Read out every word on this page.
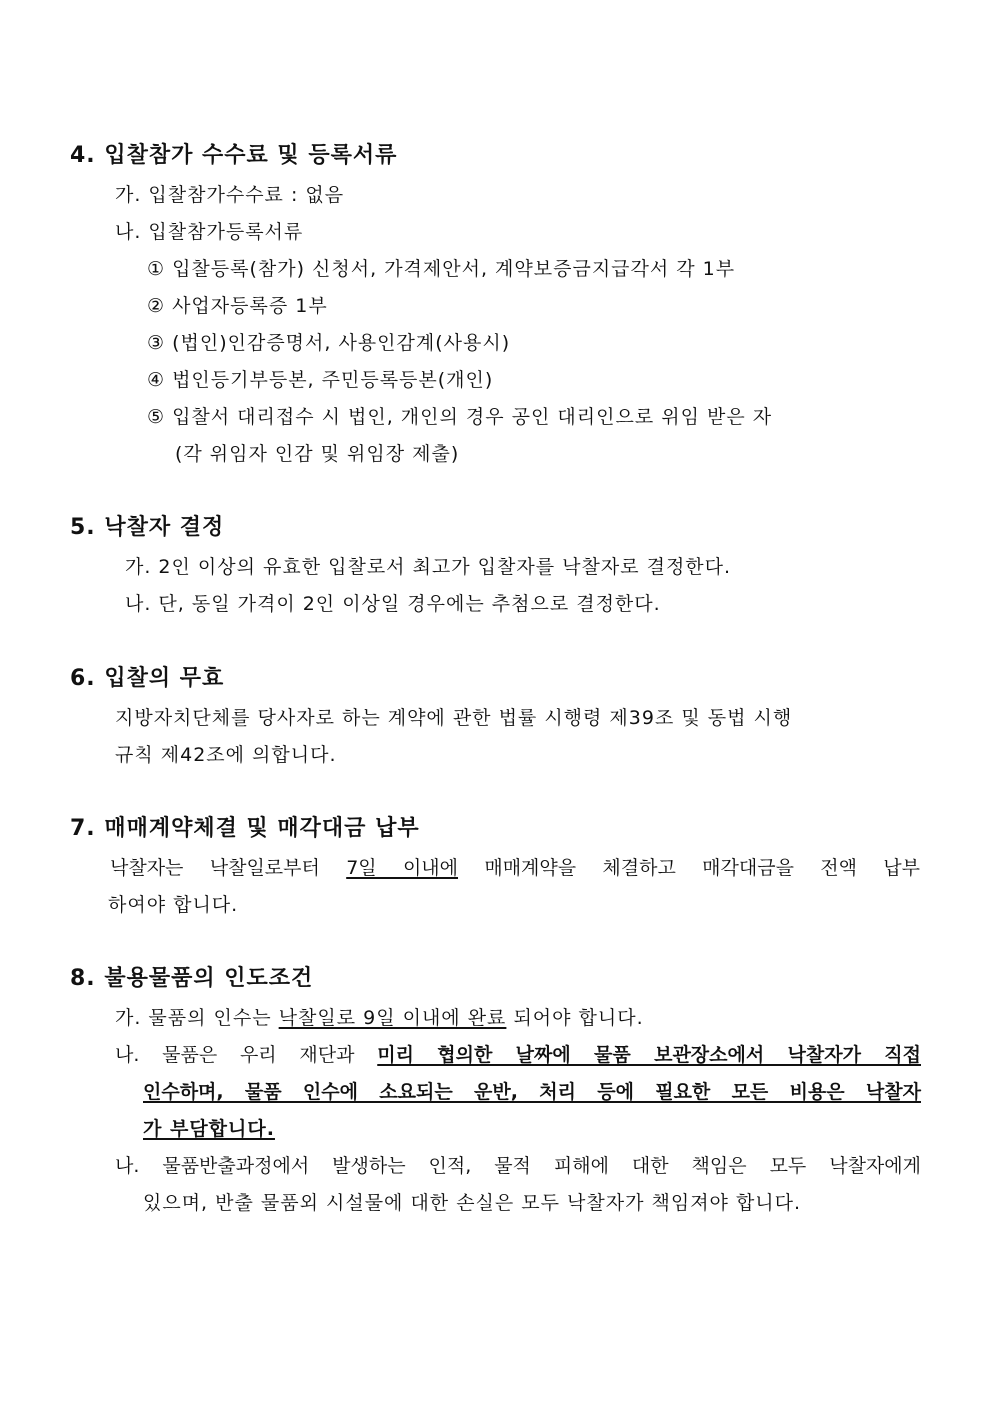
4. 입찰참가 수수료 및 등록서류
가. 입찰참가수수료 : 없음
나. 입찰참가등록서류
① 입찰등록(참가) 신청서, 가격제안서, 계약보증금지급각서 각 1부
② 사업자등록증 1부
③ (법인)인감증명서, 사용인감계(사용시)
④ 법인등기부등본, 주민등록등본(개인)
⑤ 입찰서 대리접수 시 법인, 개인의 경우 공인 대리인으로 위임 받은 자
(각 위임자 인감 및 위임장 제출)
5. 낙찰자 결정
가. 2인 이상의 유효한 입찰로서 최고가 입찰자를 낙찰자로 결정한다.
나. 단, 동일 가격이 2인 이상일 경우에는 추첨으로 결정한다.
6. 입찰의 무효
지방자치단체를 당사자로 하는 계약에 관한 법률 시행령 제39조 및 동법 시행
규칙 제42조에 의합니다.
7. 매매계약체결 및 매각대금 납부
낙찰자는 낙찰일로부터 7일 이내에 매매계약을 체결하고 매각대금을 전액 납부
하여야 합니다.
8. 불용물품의 인도조건
가. 물품의 인수는 낙찰일로 9일 이내에 완료 되어야 합니다.
나. 물품은 우리 재단과 미리 협의한 날짜에 물품 보관장소에서 낙찰자가 직접
인수하며, 물품 인수에 소요되는 운반, 처리 등에 필요한 모든 비용은 낙찰자
가 부담합니다.
나. 물품반출과정에서 발생하는 인적, 물적 피해에 대한 책임은 모두 낙찰자에게
있으며, 반출 물품외 시설물에 대한 손실은 모두 낙찰자가 책임져야 합니다.
